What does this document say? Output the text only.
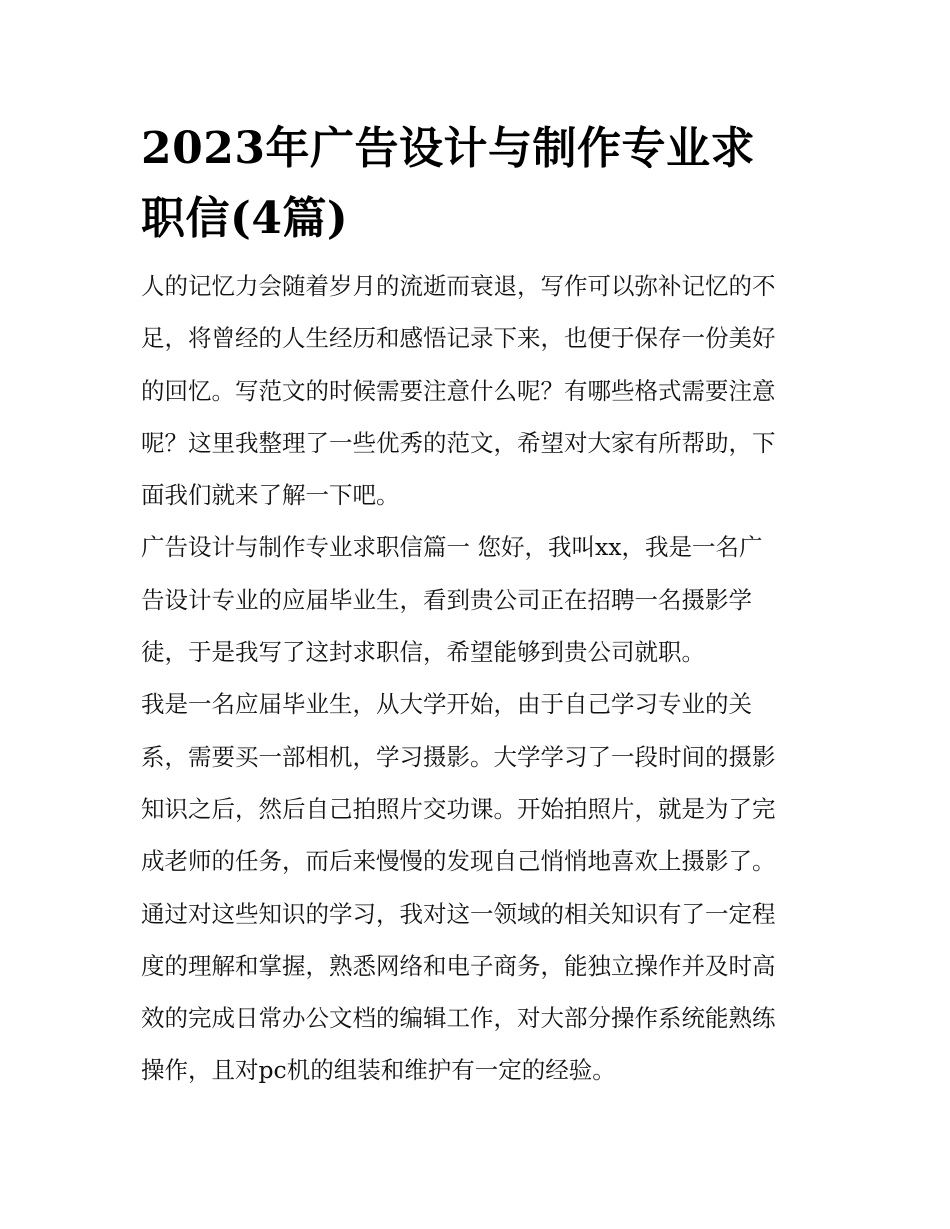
2023年广告设计与制作专业求
职信(4篇)

人的记忆力会随着岁月的流逝而衰退，写作可以弥补记忆的不
足，将曾经的人生经历和感悟记录下来，也便于保存一份美好
的回忆。写范文的时候需要注意什么呢？有哪些格式需要注意
呢？这里我整理了一些优秀的范文，希望对大家有所帮助，下
面我们就来了解一下吧。

广告设计与制作专业求职信篇一 您好，我叫xx，我是一名广
告设计专业的应届毕业生，看到贵公司正在招聘一名摄影学
徒，于是我写了这封求职信，希望能够到贵公司就职。

我是一名应届毕业生，从大学开始，由于自己学习专业的关
系，需要买一部相机，学习摄影。大学学习了一段时间的摄影
知识之后，然后自己拍照片交功课。开始拍照片，就是为了完
成老师的任务，而后来慢慢的发现自己悄悄地喜欢上摄影了。
通过对这些知识的学习，我对这一领域的相关知识有了一定程
度的理解和掌握，熟悉网络和电子商务，能独立操作并及时高
效的完成日常办公文档的编辑工作，对大部分操作系统能熟练
操作，且对pc机的组装和维护有一定的经验。
